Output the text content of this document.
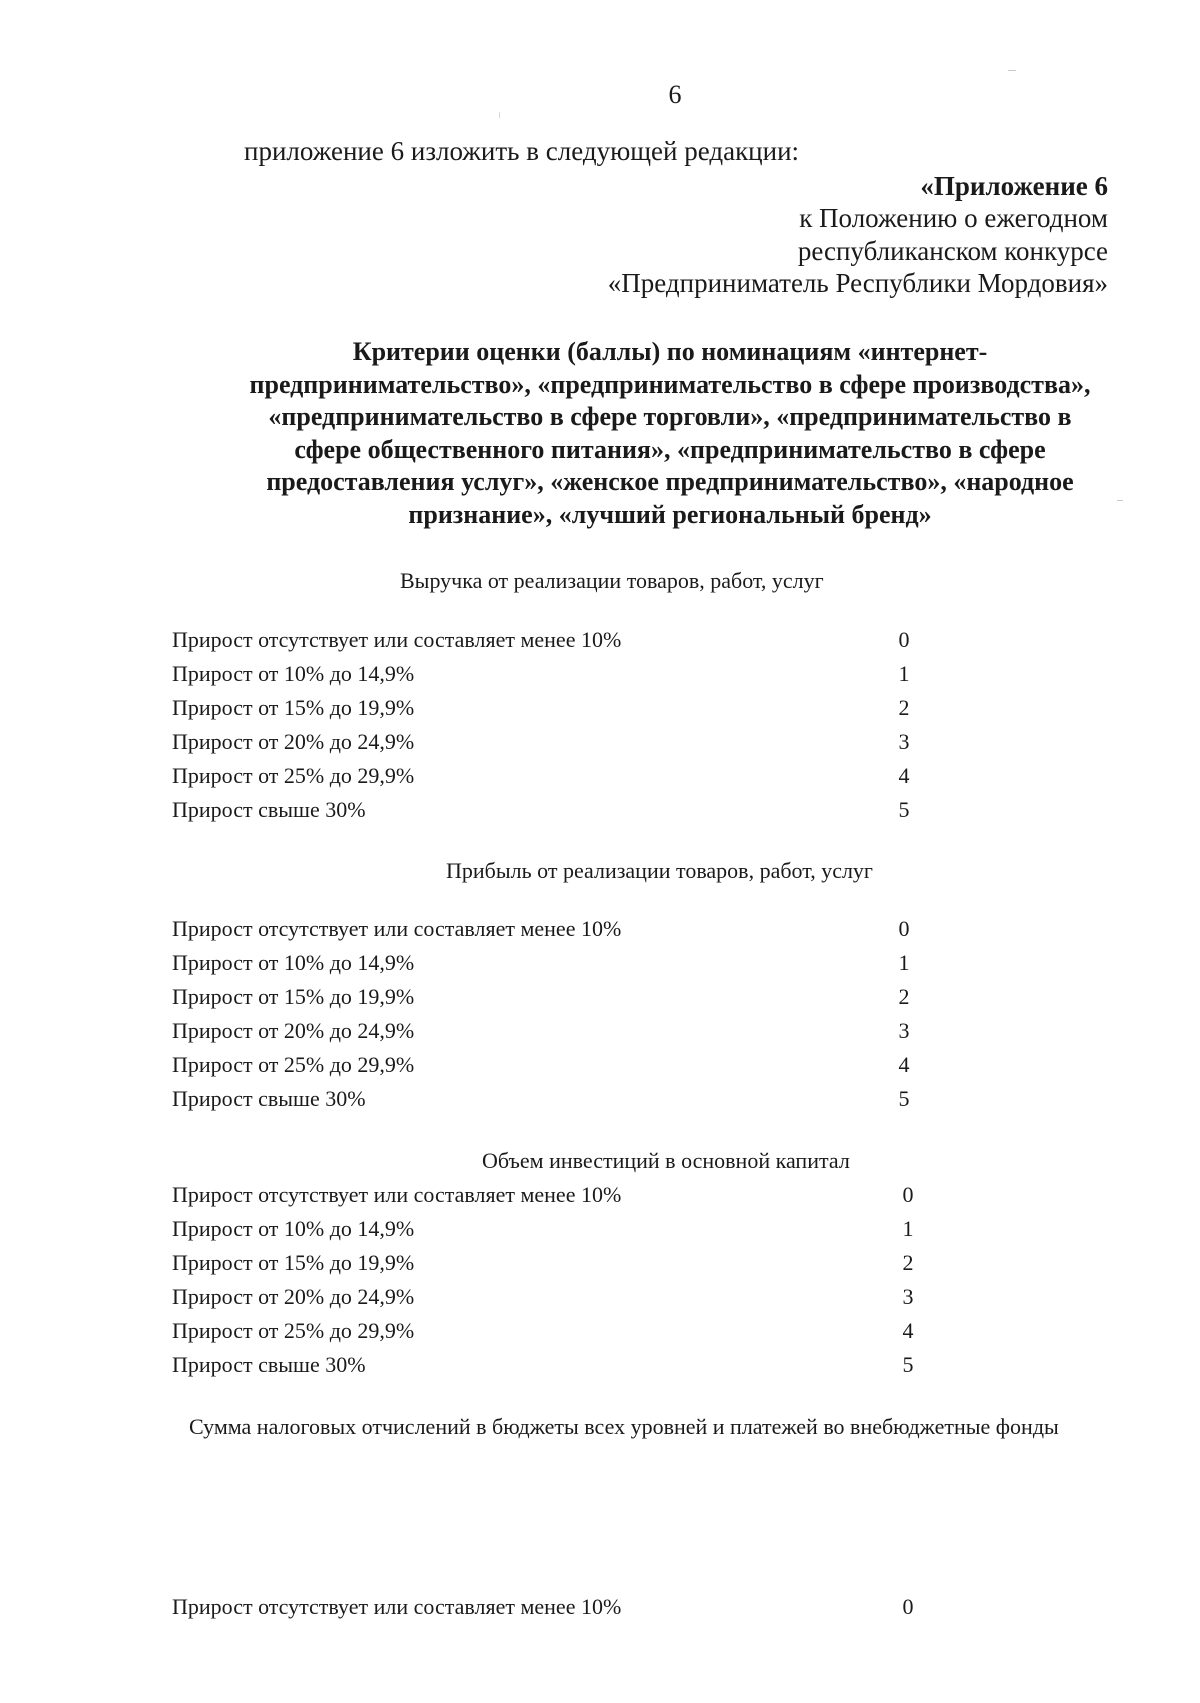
6
приложение 6 изложить в следующей редакции:
«Приложение 6
к Положению о ежегодном
республиканском конкурсе
«Предприниматель Республики Мордовия»
Критерии оценки (баллы) по номинациям «интернет-
предпринимательство», «предпринимательство в сфере производства»,
«предпринимательство в сфере торговли», «предпринимательство в
сфере общественного питания», «предпринимательство в сфере
предоставления услуг», «женское предпринимательство», «народное
признание», «лучший региональный бренд»
Выручка от реализации товаров, работ, услуг
Прирост отсутствует или составляет менее 10%	0
Прирост от 10% до 14,9%	1
Прирост от 15% до 19,9%	2
Прирост от 20% до 24,9%	3
Прирост от 25% до 29,9%	4
Прирост свыше 30%	5
Прибыль от реализации товаров, работ, услуг
Прирост отсутствует или составляет менее 10%	0
Прирост от 10% до 14,9%	1
Прирост от 15% до 19,9%	2
Прирост от 20% до 24,9%	3
Прирост от 25% до 29,9%	4
Прирост свыше 30%	5
Объем инвестиций в основной капитал
Прирост отсутствует или составляет менее 10%	0
Прирост от 10% до 14,9%	1
Прирост от 15% до 19,9%	2
Прирост от 20% до 24,9%	3
Прирост от 25% до 29,9%	4
Прирост свыше 30%	5
Сумма налоговых отчислений в бюджеты всех уровней и платежей во внебюджетные фонды
Прирост отсутствует или составляет менее 10%	0
